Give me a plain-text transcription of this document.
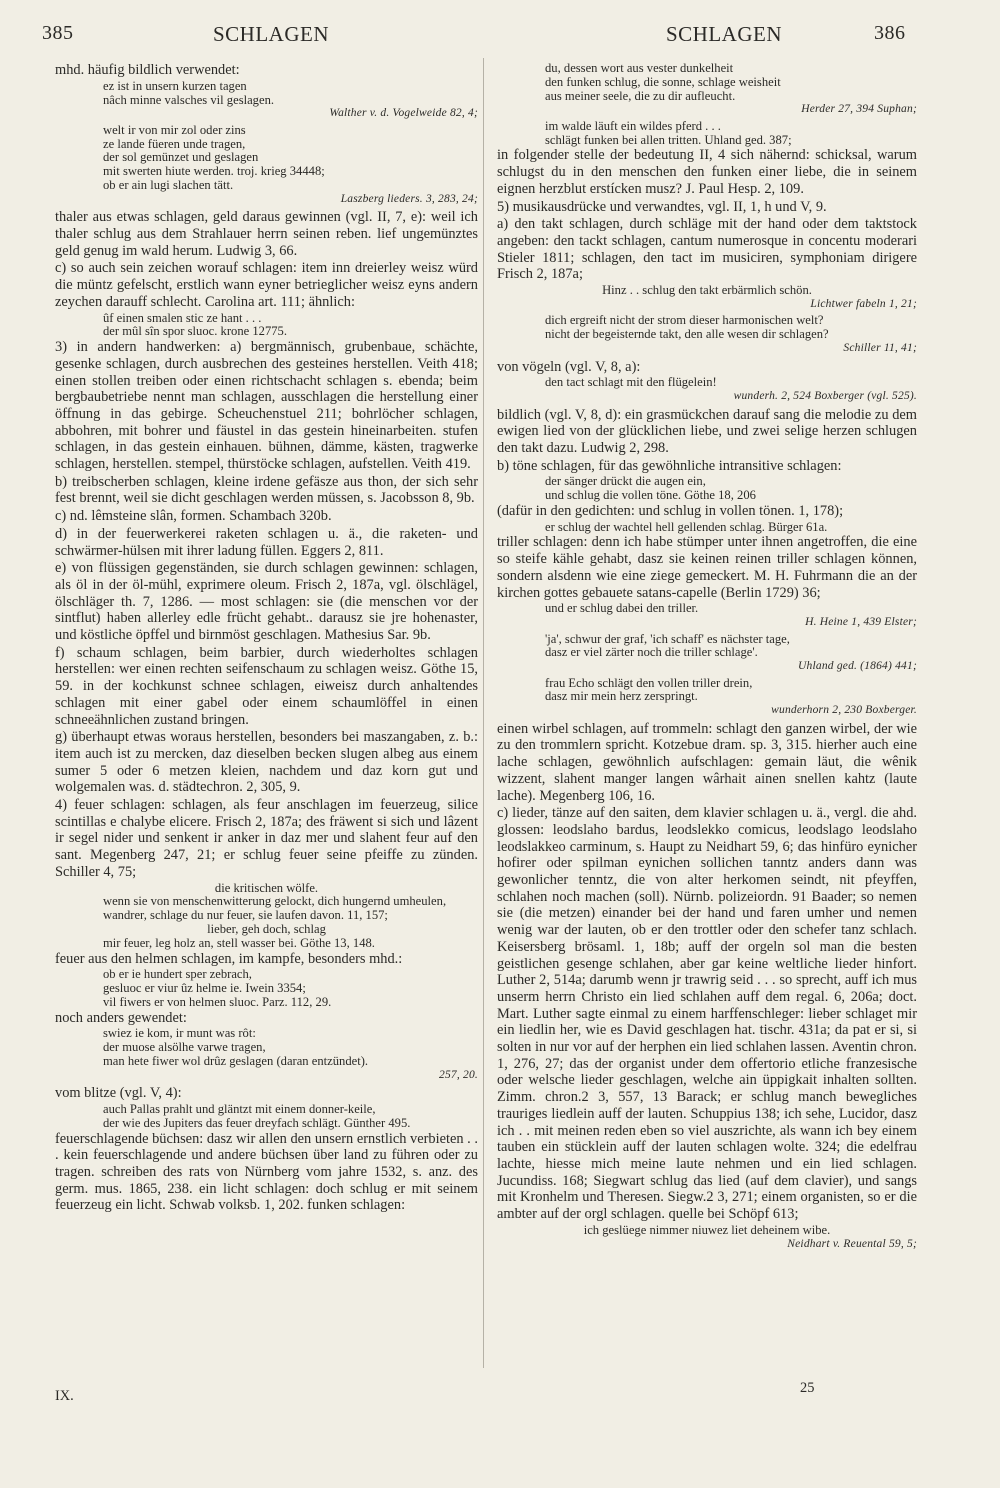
385	SCHLAGEN	SCHLAGEN	386
mhd. häufig bildlich verwendet:
ez ist in unsern kurzen tagen
nâch minne valsches vil geslagen.
Walther v. d. Vogelweide 82, 4;
welt ir von mir zol oder zins
ze lande füeren unde tragen,
der sol gemünzet und geslagen
mit swerten hiute werden. troj. krieg 34448;
ob er ain lugi slachen tätt.
Laszberg lieders. 3, 283, 24;
thaler aus etwas schlagen, geld daraus gewinnen (vgl. II, 7, e): weil ich thaler schlug aus dem Strahlauer herrn seinen reben. lief ungemünztes geld genug im wald herum. Ludwig 3, 66.
c) so auch sein zeichen worauf schlagen: item inn dreierley weisz würd die müntz gefelscht, erstlich wann eyner betrieglicher weisz eyns andern zeychen darauff schlecht. Carolina art. 111; ähnlich:
ûf einen smalen stic ze hant . . .
der mûl sîn spor sluoc. krone 12775.
3) in andern handwerken: a) bergmännisch, grubenbaue, schächte, gesenke schlagen, durch ausbrechen des gesteines herstellen. Veith 418; einen stollen treiben oder einen richtschacht schlagen s. ebenda; beim bergbaubetriebe nennt man schlagen, ausschlagen die herstellung einer öffnung in das gebirge. Scheuchenstuel 211; bohrlöcher schlagen, abbohren, mit bohrer und fäustel in das gestein hineinarbeiten. stufen schlagen, in das gestein einhauen. bühnen, dämme, kästen, tragwerke schlagen, herstellen. stempel, thürstöcke schlagen, aufstellen. Veith 419.
b) treibscherben schlagen, kleine irdene gefäsze aus thon, der sich sehr fest brennt, weil sie dicht geschlagen werden müssen, s. Jacobsson 8, 9b.
c) nd. lêmsteine slân, formen. Schambach 320b.
d) in der feuerwerkerei raketen schlagen u. ä., die raketen- und schwärmer-hülsen mit ihrer ladung füllen. Eggers 2, 811.
e) von flüssigen gegenständen, sie durch schlagen gewinnen: schlagen, als öl in der öl-mühl, exprimere oleum. Frisch 2, 187a, vgl. ölschlägel, ölschläger th. 7, 1286. — most schlagen: sie (die menschen vor der sintflut) haben allerley edle frücht gehabt.. darausz sie jre hohenaster, und köstliche öpffel und birnmöst geschlagen. Mathesius Sar. 9b.
f) schaum schlagen, beim barbier, durch wiederholtes schlagen herstellen: wer einen rechten seifenschaum zu schlagen weisz. Göthe 15, 59. in der kochkunst schnee schlagen, eiweisz durch anhaltendes schlagen mit einer gabel oder einem schaumlöffel in einen schneeähnlichen zustand bringen.
g) überhaupt etwas woraus herstellen, besonders bei maszangaben, z. b.: item auch ist zu mercken, daz dieselben becken slugen albeg aus einem sumer 5 oder 6 metzen kleien, nachdem und daz korn gut und wolgemalen was. d. städtechron. 2, 305, 9.
4) feuer schlagen: schlagen, als feur anschlagen im feuerzeug, silice scintillas e chalybe elicere. Frisch 2, 187a; des fräwent si sich und lâzent ir segel nider und senkent ir anker in daz mer und slahent feur auf den sant. Megenberg 247, 21; er schlug feuer seine pfeiffe zu zünden. Schiller 4, 75;
die kritischen wölfe.
wenn sie von menschenwitterung gelockt, dich hungernd umheulen,
wandrer, schlage du nur feuer, sie laufen davon. 11, 157;
lieber, geh doch, schlag
mir feuer, leg holz an, stell wasser bei. Göthe 13, 148.
feuer aus den helmen schlagen, im kampfe, besonders mhd.:
ob er ie hundert sper zebrach,
gesluoc er viur ûz helme ie. Iwein 3354;
vil fiwers er von helmen sluoc. Parz. 112, 29.
noch anders gewendet:
swiez ie kom, ir munt was rôt:
der muose alsölhe varwe tragen,
man hete fiwer wol drûz geslagen (daran entzündet).
257, 20.
vom blitze (vgl. V, 4):
auch Pallas prahlt und gläntzt mit einem donner-keile,
der wie des Jupiters das feuer dreyfach schlägt. Günther 495.
feuerschlagende büchsen: dasz wir allen den unsern ernstlich verbieten . . . kein feuerschlagende und andere büchsen über land zu führen oder zu tragen. schreiben des rats von Nürnberg vom jahre 1532, s. anz. des germ. mus. 1865, 238. ein licht schlagen: doch schlug er mit seinem feuerzeug ein licht. Schwab volksb. 1, 202. funken schlagen:
du, dessen wort aus vester dunkelheit
den funken schlug, die sonne, schlage weisheit
aus meiner seele, die zu dir aufleucht.
Herder 27, 394 Suphan;
im walde läuft ein wildes pferd . . .
schlägt funken bei allen tritten. Uhland ged. 387;
in folgender stelle der bedeutung II, 4 sich nähernd: schicksal, warum schlugst du in den menschen den funken einer liebe, die in seinem eignen herzblut erstícken musz? J. Paul Hesp. 2, 109.
5) musikausdrücke und verwandtes, vgl. II, 1, h und V, 9.
a) den takt schlagen, durch schläge mit der hand oder dem taktstock angeben: den tackt schlagen, cantum numerosque in concentu moderari Stieler 1811; schlagen, den tact im musiciren, symphoniam dirigere Frisch 2, 187a;
Hinz . . schlug den takt erbärmlich schön.
Lichtwer fabeln 1, 21;
dich ergreift nicht der strom dieser harmonischen welt?
nicht der begeisternde takt, den alle wesen dir schlagen?
Schiller 11, 41;
von vögeln (vgl. V, 8, a):
den tact schlagt mit den flügelein!
wunderh. 2, 524 Boxberger (vgl. 525).
bildlich (vgl. V, 8, d): ein grasmückchen darauf sang die melodie zu dem ewigen lied von der glücklichen liebe, und zwei selige herzen schlugen den takt dazu. Ludwig 2, 298.
b) töne schlagen, für das gewöhnliche intransitive schlagen:
der sänger drückt die augen ein,
und schlug die vollen töne. Göthe 18, 206
(dafür in den gedichten: und schlug in vollen tönen. 1, 178);
er schlug der wachtel hell gellenden schlag. Bürger 61a.
triller schlagen: denn ich habe stümper unter ihnen angetroffen, die eine so steife kähle gehabt, dasz sie keinen reinen triller schlagen können, sondern alsdenn wie eine ziege gemeckert. M. H. Fuhrmann die an der kirchen gottes gebauete satans-capelle (Berlin 1729) 36;
und er schlug dabei den triller.
H. Heine 1, 439 Elster;
'ja', schwur der graf, 'ich schaff' es nächster tage,
dasz er viel zärter noch die triller schlage'.
Uhland ged. (1864) 441;
frau Echo schlägt den vollen triller drein,
dasz mir mein herz zerspringt.
wunderhorn 2, 230 Boxberger.
einen wirbel schlagen, auf trommeln: schlagt den ganzen wirbel, der wie zu den trommlern spricht. Kotzebue dram. sp. 3, 315. hierher auch eine lache schlagen, gewöhnlich aufschlagen: gemain läut, die wênik wizzent, slahent manger langen wârhait ainen snellen kahtz (laute lache). Megenberg 106, 16.
c) lieder, tänze auf den saiten, dem klavier schlagen u. ä., vergl. die ahd. glossen: leodslaho bardus, leodslekko comicus, leodslago leodslaho leodslakkeo carminum, s. Haupt zu Neidhart 59, 6; das hinfüro eynicher hofirer oder spilman eynichen sollichen tanntz anders dann was gewonlicher tenntz, die von alter herkomen seindt, nit pfeyffen, schlahen noch machen (soll). Nürnb. polizeiordn. 91 Baader; so nemen sie (die metzen) einander bei der hand und faren umher und nemen wenig war der lauten, ob er den trottler oder den schefer tanz schlach. Keisersberg brösaml. 1, 18b; auff der orgeln sol man die besten geistlichen gesenge schlahen, aber gar keine weltliche lieder hinfort. Luther 2, 514a; darumb wenn jr trawrig seid . . . so sprecht, auff ich mus unserm herrn Christo ein lied schlahen auff dem regal. 6, 206a; doct. Mart. Luther sagte einmal zu einem harffenschleger: lieber schlaget mir ein liedlin her, wie es David geschlagen hat. tischr. 431a; da pat er si, si solten in nur vor auf der herphen ein lied schlahen lassen. Aventin chron. 1, 276, 27; das der organist under dem offertorio etliche franzesische oder welsche lieder geschlagen, welche ain üppigkait inhalten sollten. Zimm. chron.2 3, 557, 13 Barack; er schlug manch bewegliches trauriges liedlein auff der lauten. Schuppius 138; ich sehe, Lucidor, dasz ich . . mit meinen reden eben so viel auszrichte, als wann ich bey einem tauben ein stücklein auff der lauten schlagen wolte. 324; die edelfrau lachte, hiesse mich meine laute nehmen und ein lied schlagen. Jucundiss. 168; Siegwart schlug das lied (auf dem clavier), und sangs mit Kronhelm und Theresen. Siegw.2 3, 271; einem organisten, so er die ambter auf der orgl schlagen. quelle bei Schöpf 613;
ich geslüege nimmer niuwez liet deheinem wibe.
Neidhart v. Reuental 59, 5;
IX.	25
